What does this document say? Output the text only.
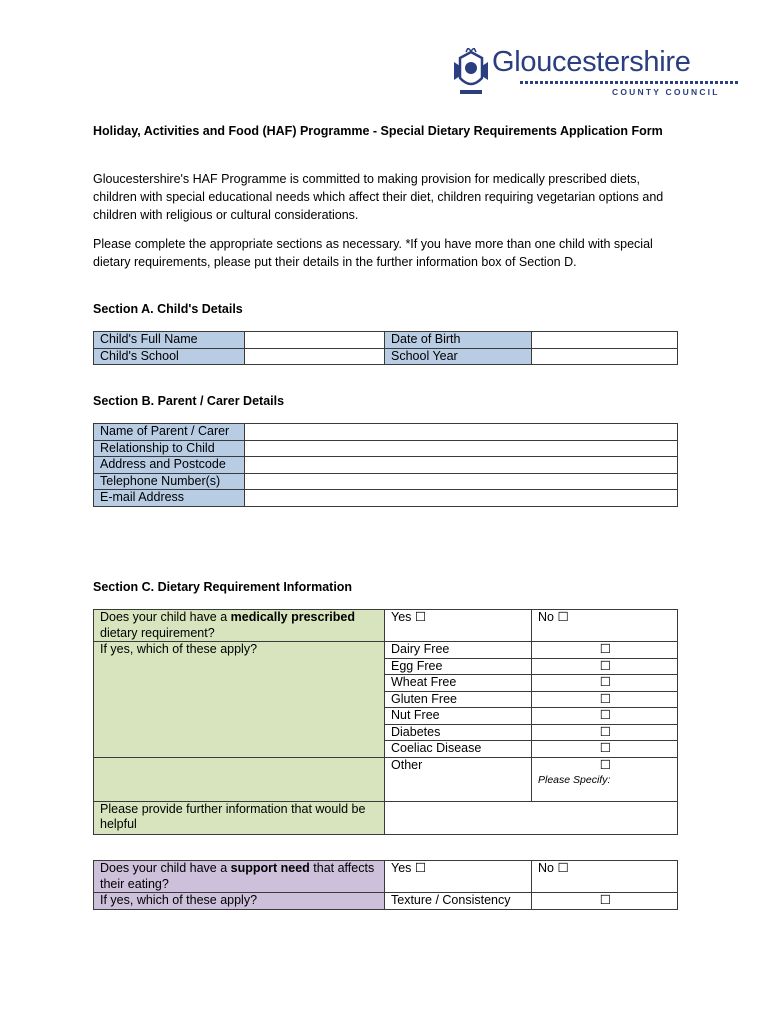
Gloucestershire
COUNTY COUNCIL
Holiday, Activities and Food (HAF) Programme - Special Dietary Requirements Application Form
Gloucestershire's HAF Programme is committed to making provision for medically prescribed diets, children with special educational needs which affect their diet, children requiring vegetarian options and children with religious or cultural considerations.
Please complete the appropriate sections as necessary. *If you have more than one child with special dietary requirements, please put their details in the further information box of Section D.
Section A. Child's Details
Child's Full Name		Date of Birth	
Child's School		School Year	
Section B. Parent / Carer Details
Name of Parent / Carer	
Relationship to Child	
Address and Postcode	
Telephone Number(s)	
E-mail Address	
Section C. Dietary Requirement Information
Does your child have a medically prescribed dietary requirement?	Yes ☐	No ☐
If yes, which of these apply?	Dairy Free	☐
	Egg Free	☐
	Wheat Free	☐
	Gluten Free	☐
	Nut Free	☐
	Diabetes	☐
	Coeliac Disease	☐
	Other	☐
Please Specify:

Please provide further information that would be helpful		
Does your child have a support need that affects their eating?	Yes ☐	No ☐
If yes, which of these apply?	Texture / Consistency	☐
